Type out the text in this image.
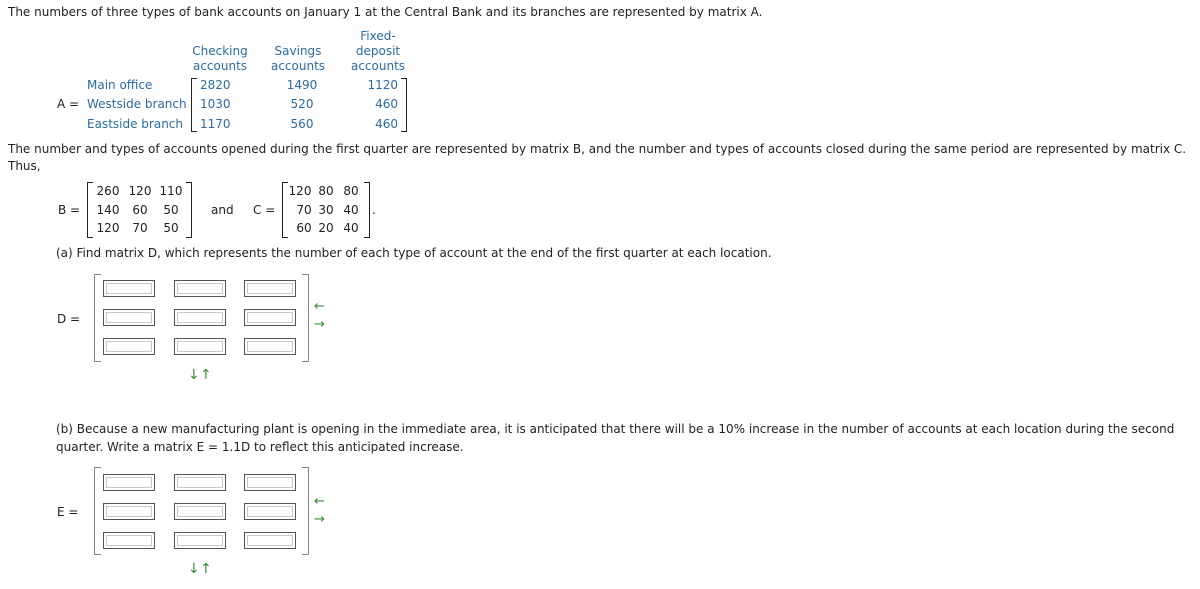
The numbers of three types of bank accounts on January 1 at the Central Bank and its branches are represented by matrix A.
Checking
accounts
Savings
accounts
Fixed-
deposit
accounts
A =
Main office
Westside branch
Eastside branch
2820	1490	1120
1030	520	460
1170	560	460
The number and types of accounts opened during the first quarter are represented by matrix B, and the number and types of accounts closed during the same period are represented by matrix C.
Thus,
B =
260 120 110
140	60	50
120	70	50
and C =
120 80 80
70 30 40
60 20 40
.
(a) Find matrix D, which represents the number of each type of account at the end of the first quarter at each location.
D =
←
→
↓ ↑
(b) Because a new manufacturing plant is opening in the immediate area, it is anticipated that there will be a 10% increase in the number of accounts at each location during the second
quarter. Write a matrix E = 1.1D to reflect this anticipated increase.
E =
←
→
↓ ↑
